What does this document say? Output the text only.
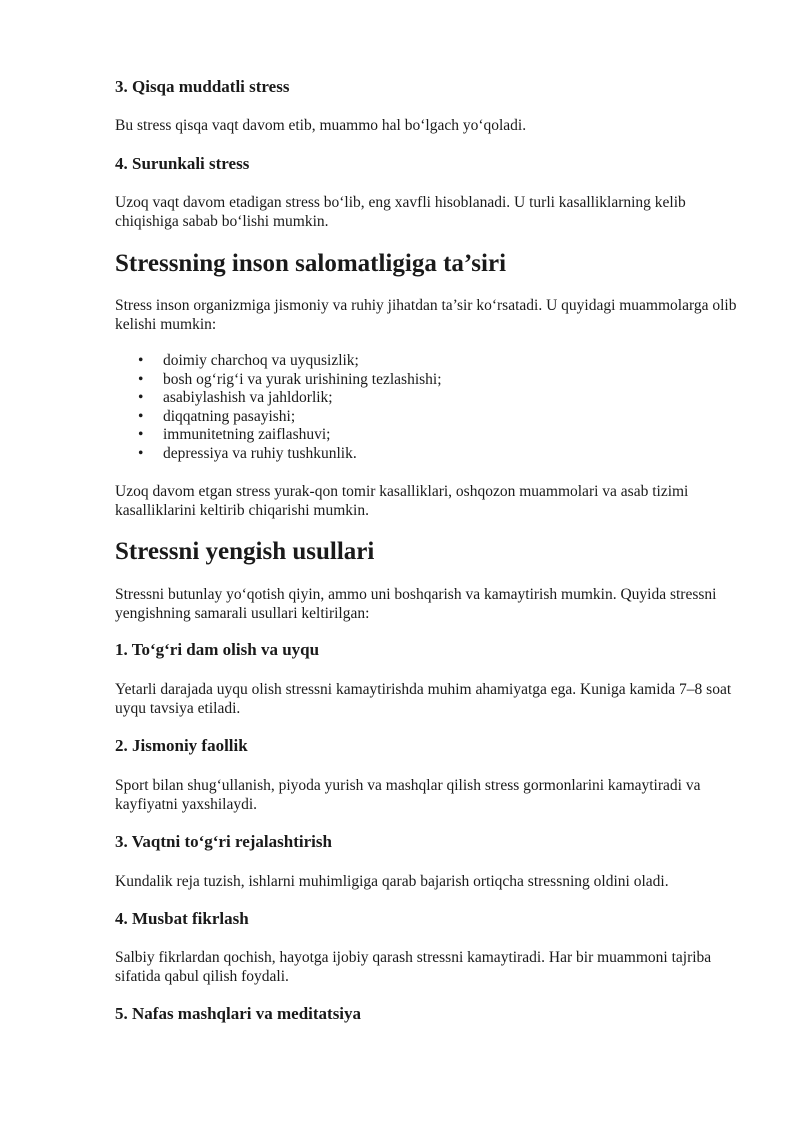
3. Qisqa muddatli stress

Bu stress qisqa vaqt davom etib, muammo hal bo‘lgach yo‘qoladi.

4. Surunkali stress

Uzoq vaqt davom etadigan stress bo‘lib, eng xavfli hisoblanadi. U turli kasalliklarning kelib chiqishiga sabab bo‘lishi mumkin.

Stressning inson salomatligiga ta’siri

Stress inson organizmiga jismoniy va ruhiy jihatdan ta’sir ko‘rsatadi. U quyidagi muammolarga olib kelishi mumkin:

• doimiy charchoq va uyqusizlik;
• bosh og‘rig‘i va yurak urishining tezlashishi;
• asabiylashish va jahldorlik;
• diqqatning pasayishi;
• immunitetning zaiflashuvi;
• depressiya va ruhiy tushkunlik.

Uzoq davom etgan stress yurak-qon tomir kasalliklari, oshqozon muammolari va asab tizimi kasalliklarini keltirib chiqarishi mumkin.

Stressni yengish usullari

Stressni butunlay yo‘qotish qiyin, ammo uni boshqarish va kamaytirish mumkin. Quyida stressni yengishning samarali usullari keltirilgan:

1. To‘g‘ri dam olish va uyqu

Yetarli darajada uyqu olish stressni kamaytirishda muhim ahamiyatga ega. Kuniga kamida 7–8 soat uyqu tavsiya etiladi.

2. Jismoniy faollik

Sport bilan shug‘ullanish, piyoda yurish va mashqlar qilish stress gormonlarini kamaytiradi va kayfiyatni yaxshilaydi.

3. Vaqtni to‘g‘ri rejalashtirish

Kundalik reja tuzish, ishlarni muhimligiga qarab bajarish ortiqcha stressning oldini oladi.

4. Musbat fikrlash

Salbiy fikrlardan qochish, hayotga ijobiy qarash stressni kamaytiradi. Har bir muammoni tajriba sifatida qabul qilish foydali.

5. Nafas mashqlari va meditatsiya
